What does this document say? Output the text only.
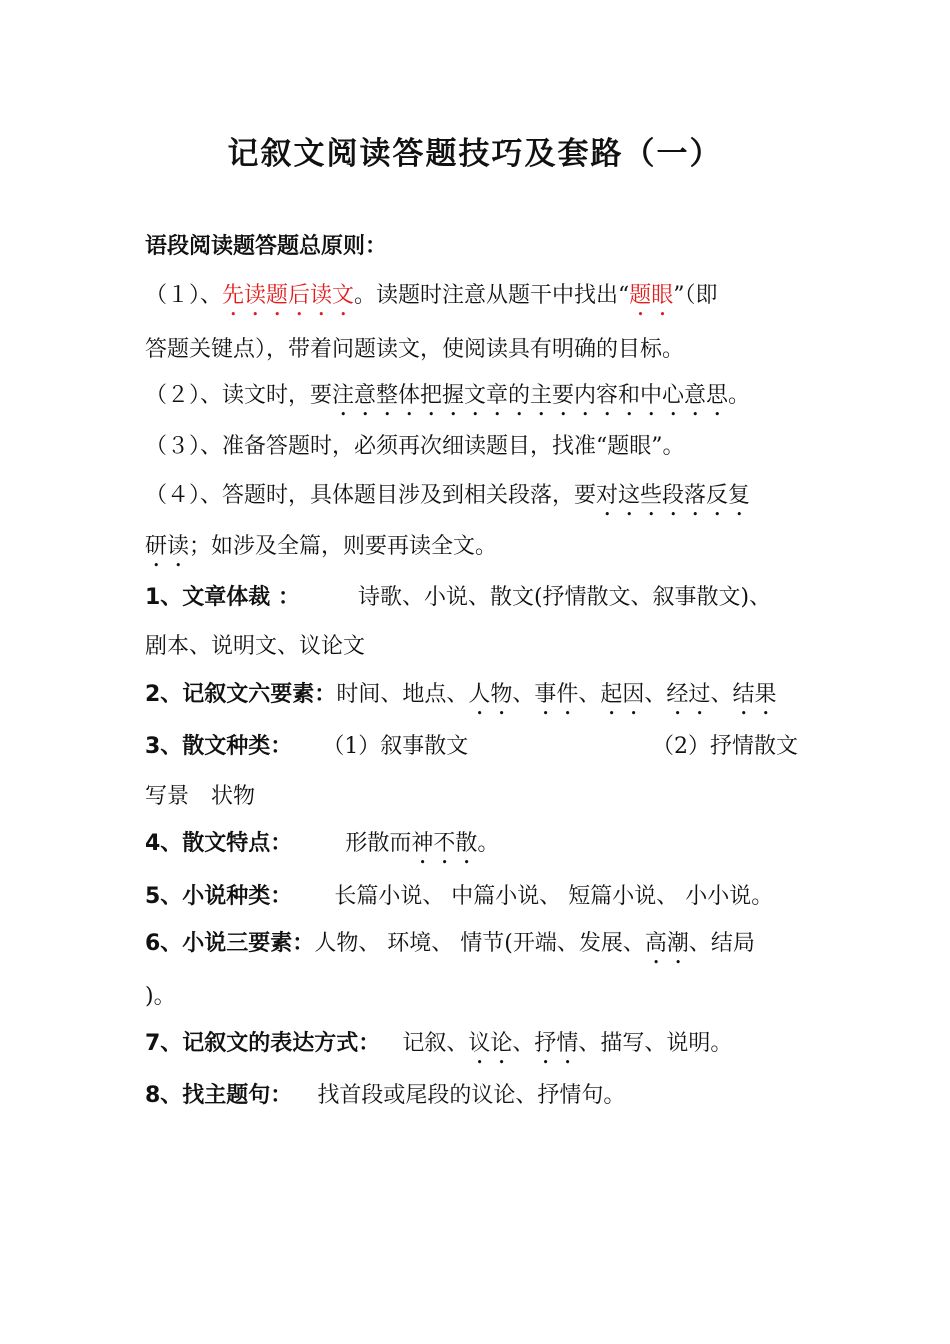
记叙文阅读答题技巧及套路（一）

语段阅读题答题总原则：

（１）、先读题后读文。读题时注意从题干中找出“题眼”（即

答题关键点），带着问题读文，使阅读具有明确的目标。

（２）、读文时，要注意整体把握文章的主要内容和中心意思。

（３）、准备答题时，必须再次细读题目，找准“题眼”。

（４）、答题时，具体题目涉及到相关段落，要对这些段落反复

研读；如涉及全篇，则要再读全文。

1、文章体裁 ：	诗歌、小说、散文(抒情散文、叙事散文)、

剧本、说明文、议论文

2、记叙文六要素：时间、地点、人物、事件、起因、经过、结果

3、散文种类： （1）叙事散文	（2）抒情散文

写景　状物

4、散文特点： 形散而神不散。

5、小说种类： 长篇小说、 中篇小说、 短篇小说、 小小说。

6、小说三要素：人物、 环境、 情节(开端、发展、高潮、结局

)。

7、记叙文的表达方式： 记叙、议论、抒情、描写、说明。

8、找主题句： 找首段或尾段的议论、抒情句。
